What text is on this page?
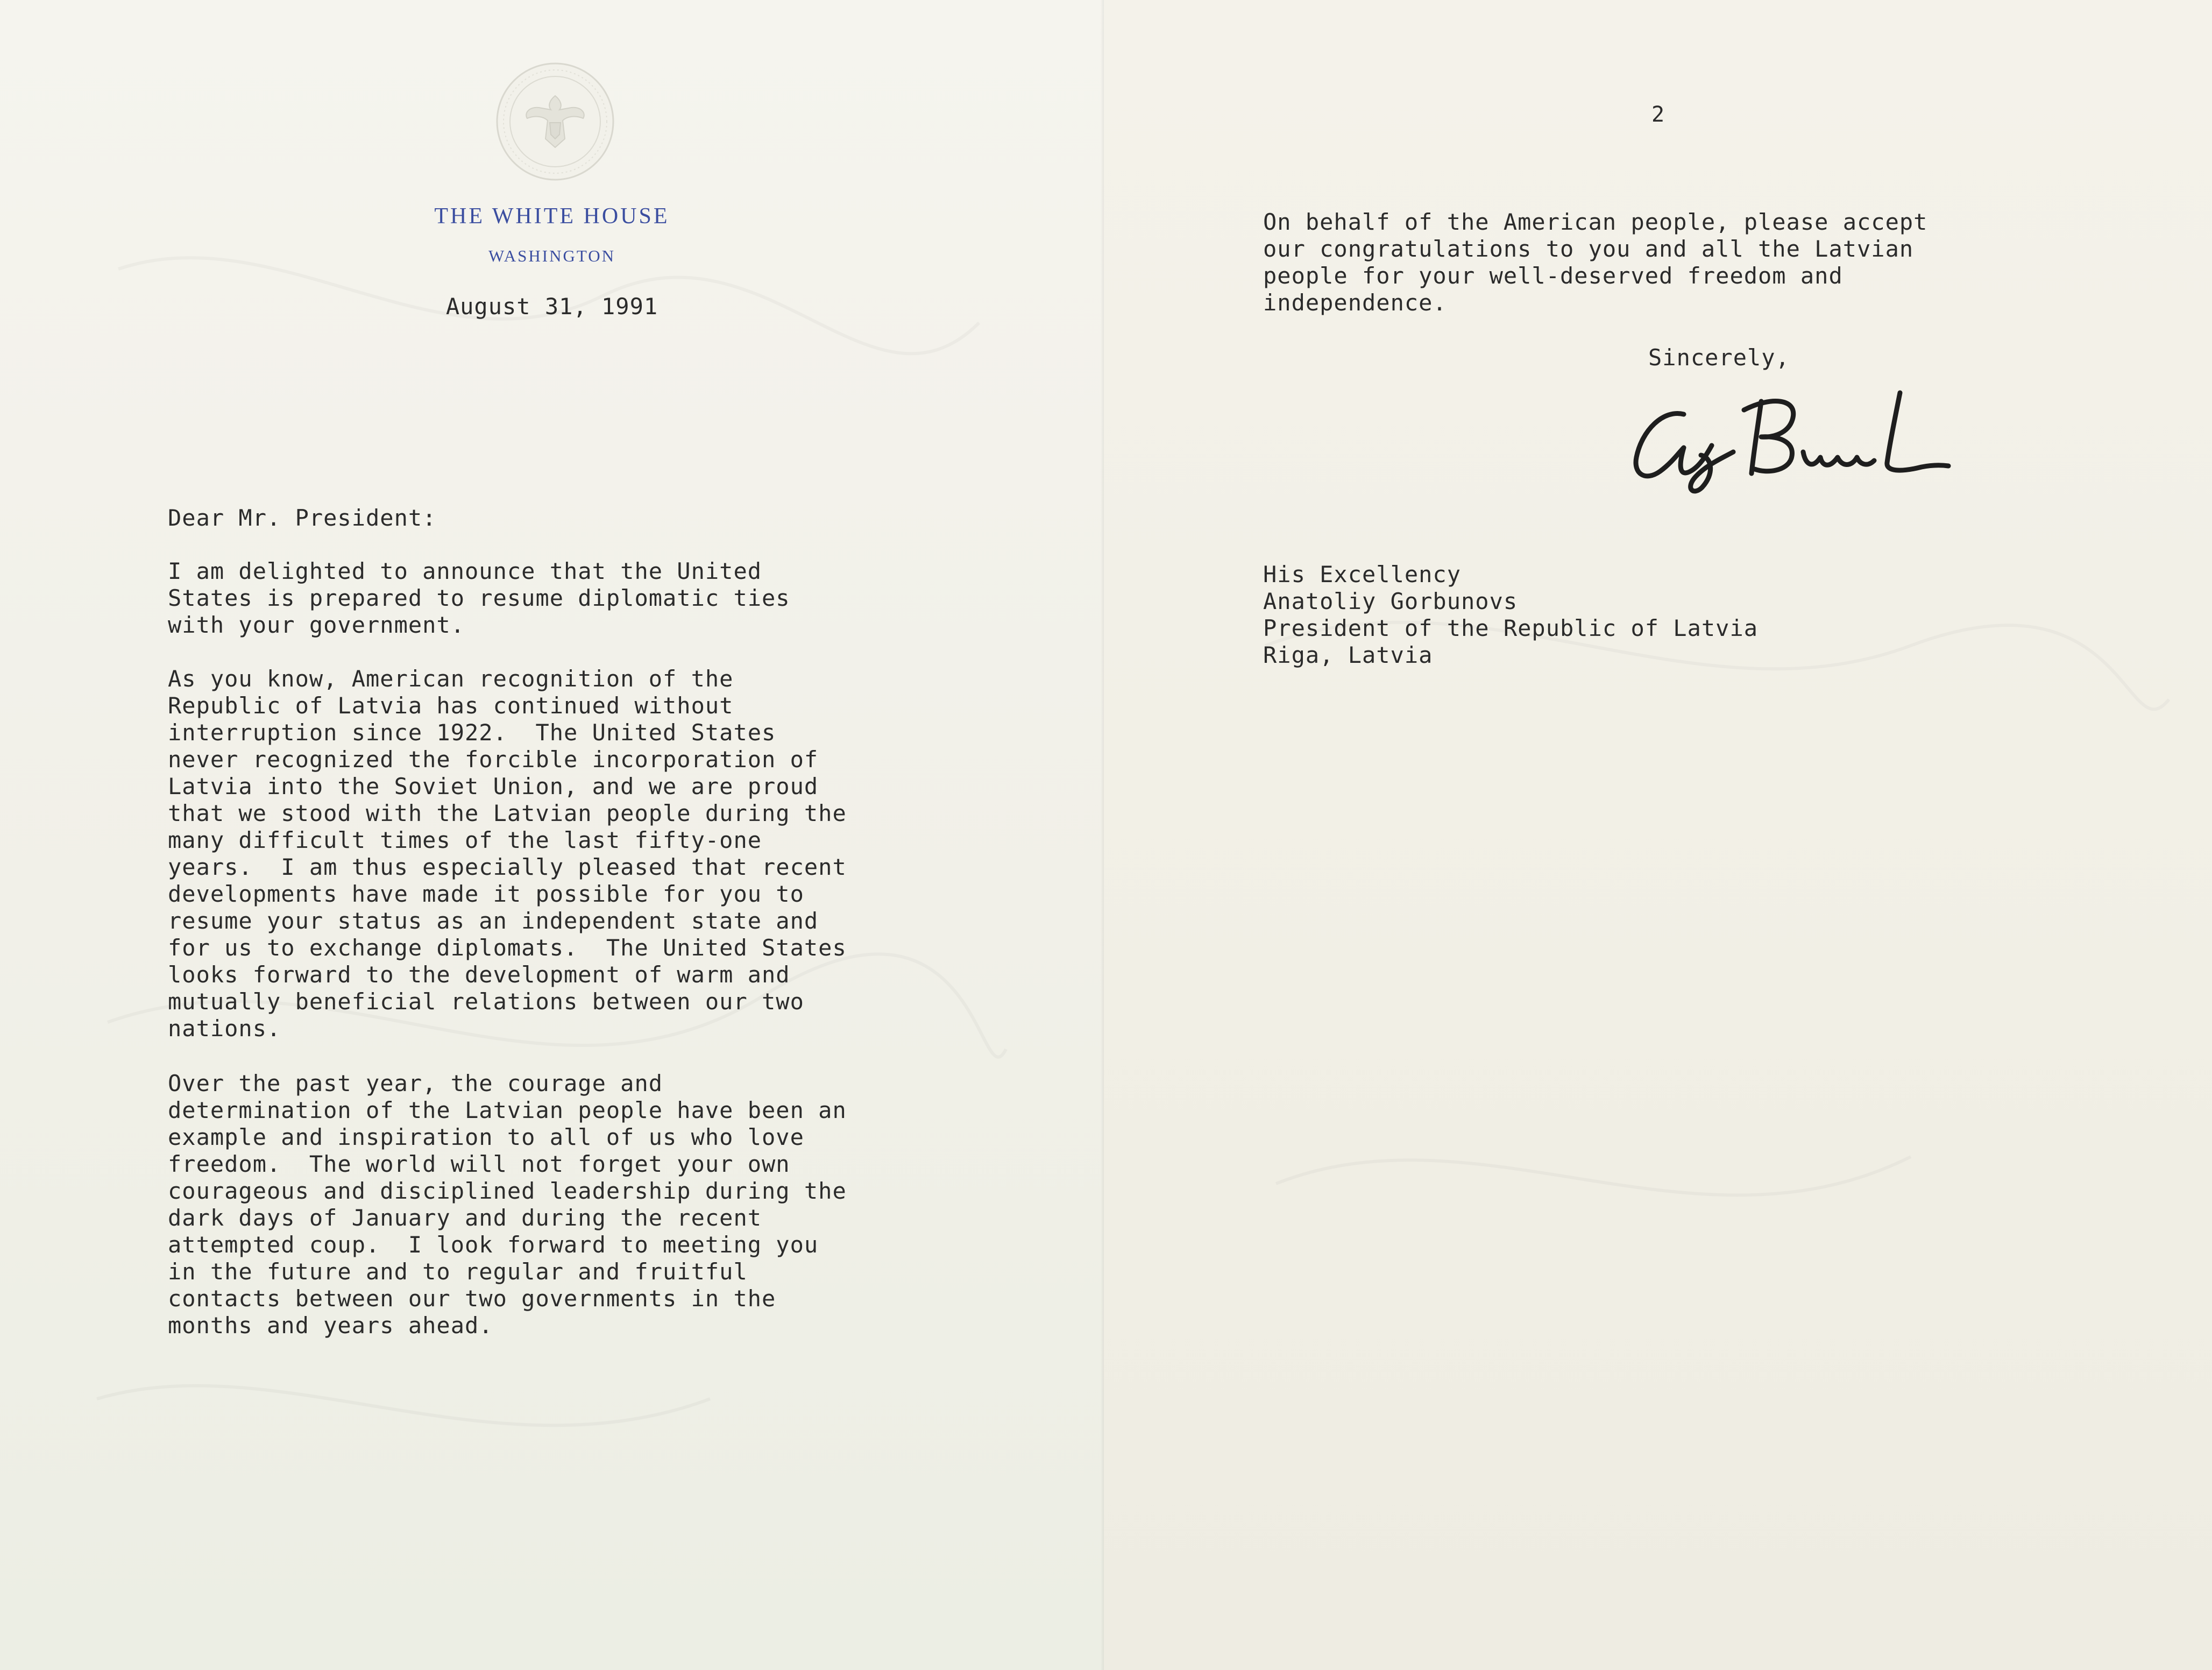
THE WHITE HOUSE
WASHINGTON

August 31, 1991

Dear Mr. President:

I am delighted to announce that the United
States is prepared to resume diplomatic ties
with your government.

As you know, American recognition of the
Republic of Latvia has continued without
interruption since 1922.  The United States
never recognized the forcible incorporation of
Latvia into the Soviet Union, and we are proud
that we stood with the Latvian people during the
many difficult times of the last fifty-one
years.  I am thus especially pleased that recent
developments have made it possible for you to
resume your status as an independent state and
for us to exchange diplomats.  The United States
looks forward to the development of warm and
mutually beneficial relations between our two
nations.

Over the past year, the courage and
determination of the Latvian people have been an
example and inspiration to all of us who love
freedom.  The world will not forget your own
courageous and disciplined leadership during the
dark days of January and during the recent
attempted coup.  I look forward to meeting you
in the future and to regular and fruitful
contacts between our two governments in the
months and years ahead.

2

On behalf of the American people, please accept
our congratulations to you and all the Latvian
people for your well-deserved freedom and
independence.

Sincerely,

His Excellency
Anatoliy Gorbunovs
President of the Republic of Latvia
Riga, Latvia
